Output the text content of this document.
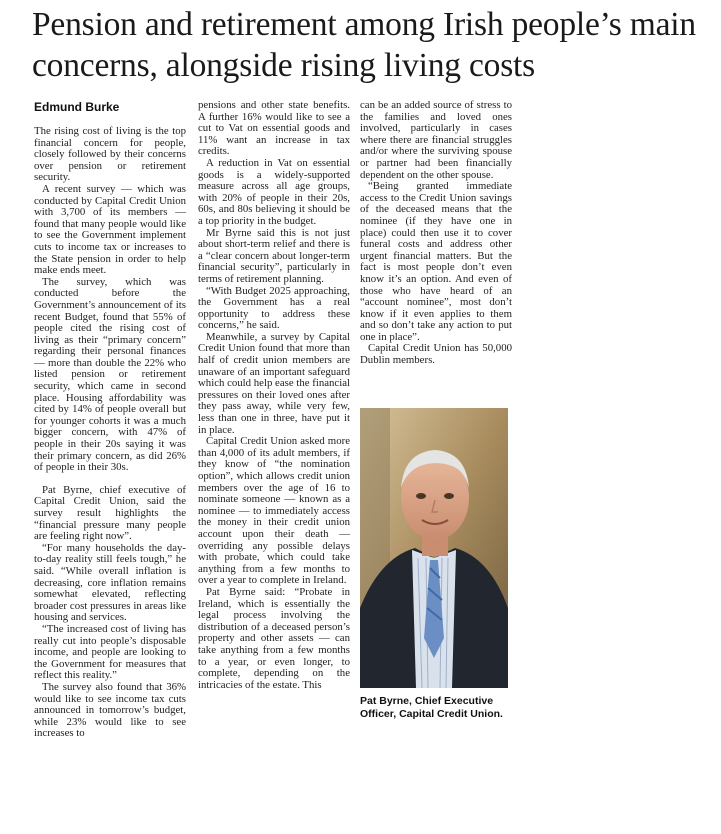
Pension and retirement among Irish people’s main concerns, alongside rising living costs
Edmund Burke

The rising cost of living is the top financial concern for people, closely followed by their concerns over pension or retirement security.

A recent survey — which was conducted by Capital Credit Union with 3,700 of its members — found that many people would like to see the Government implement cuts to income tax or increases to the State pension in order to help make ends meet.

The survey, which was conducted before the Government’s announcement of its recent Budget, found that 55% of people cited the rising cost of living as their “primary concern” regarding their personal finances — more than double the 22% who listed pension or retirement security, which came in second place. Housing affordability was cited by 14% of people overall but for younger cohorts it was a much bigger concern, with 47% of people in their 20s saying it was their primary concern, as did 26% of people in their 30s.

Pat Byrne, chief executive of Capital Credit Union, said the survey result highlights the “financial pressure many people are feeling right now”.

“For many households the day-to-day reality still feels tough,” he said. “While overall inflation is decreasing, core inflation remains somewhat elevated, reflecting broader cost pressures in areas like housing and services.

“The increased cost of living has really cut into people’s disposable income, and people are looking to the Government for measures that reflect this reality.”

The survey also found that 36% would like to see income tax cuts announced in tomorrow’s budget, while 23% would like to see increases to

pensions and other state benefits. A further 16% would like to see a cut to Vat on essential goods and 11% want an increase in tax credits.

A reduction in Vat on essential goods is a widely-supported measure across all age groups, with 20% of people in their 20s, 60s, and 80s believing it should be a top priority in the budget.

Mr Byrne said this is not just about short-term relief and there is a “clear concern about longer-term financial security”, particularly in terms of retirement planning.

“With Budget 2025 approaching, the Government has a real opportunity to address these concerns,” he said.

Meanwhile, a survey by Capital Credit Union found that more than half of credit union members are unaware of an important safeguard which could help ease the financial pressures on their loved ones after they pass away, while very few, less than one in three, have put it in place.

Capital Credit Union asked more than 4,000 of its adult members, if they know of “the nomination option”, which allows credit union members over the age of 16 to nominate someone — known as a nominee — to immediately access the money in their credit union account upon their death — overriding any possible delays with probate, which could take anything from a few months to over a year to complete in Ireland.

Pat Byrne said: “Probate in Ireland, which is essentially the legal process involving the distribution of a deceased person’s property and other assets — can take anything from a few months to a year, or even longer, to complete, depending on the intricacies of the estate. This

can be an added source of stress to the families and loved ones involved, particularly in cases where there are financial struggles and/or where the surviving spouse or partner had been financially dependent on the other spouse.

“Being granted immediate access to the Credit Union savings of the deceased means that the nominee (if they have one in place) could then use it to cover funeral costs and address other urgent financial matters. But the fact is most people don’t even know it’s an option. And even of those who have heard of an “account nominee”, most don’t know if it even applies to them and so don’t take any action to put one in place”.

Capital Credit Union has 50,000 Dublin members.

Pat Byrne, Chief Executive Officer, Capital Credit Union.
